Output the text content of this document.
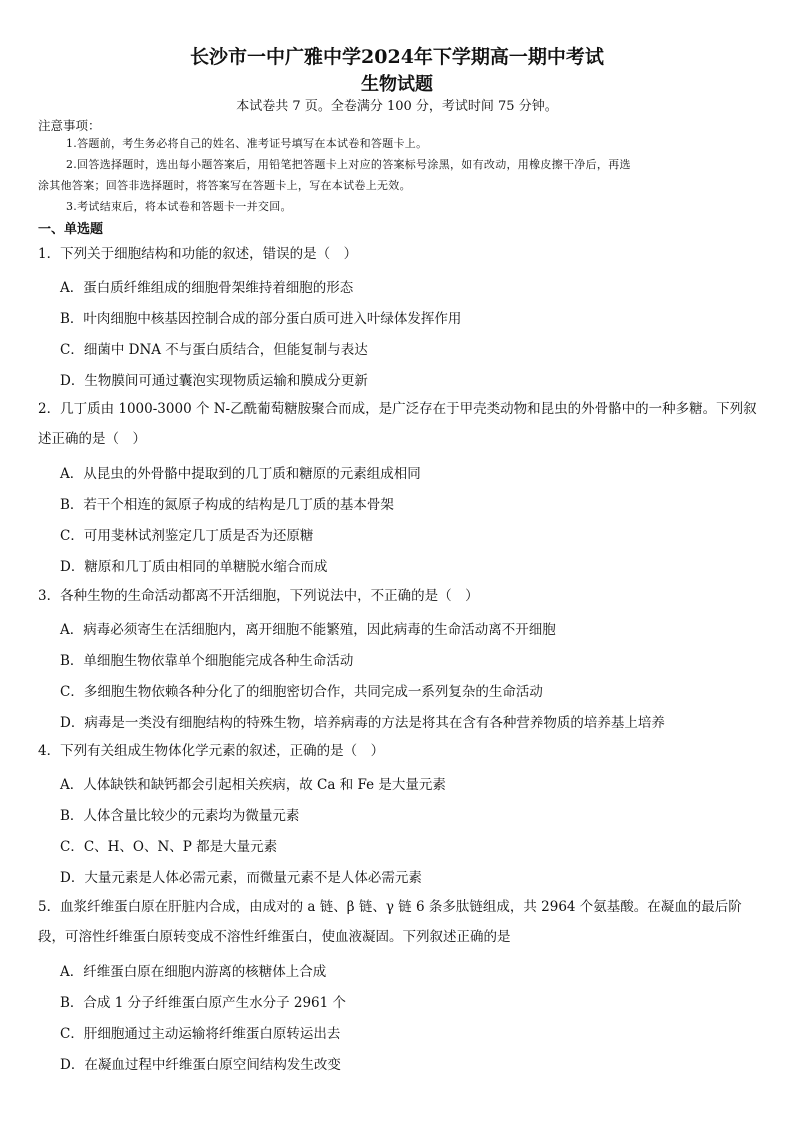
长沙市一中广雅中学2024年下学期高一期中考试
生物试题
本试卷共 7 页。全卷满分 100 分，考试时间 75 分钟。
注意事项：
1.答题前，考生务必将自己的姓名、准考证号填写在本试卷和答题卡上。
2.回答选择题时，选出每小题答案后，用铅笔把答题卡上对应的答案标号涂黑，如有改动，用橡皮擦干净后，再选
涂其他答案；回答非选择题时，将答案写在答题卡上，写在本试卷上无效。
3.考试结束后，将本试卷和答题卡一并交回。
一、单选题
1．下列关于细胞结构和功能的叙述，错误的是（　）
A．蛋白质纤维组成的细胞骨架维持着细胞的形态
B．叶肉细胞中核基因控制合成的部分蛋白质可进入叶绿体发挥作用
C．细菌中 DNA 不与蛋白质结合，但能复制与表达
D．生物膜间可通过囊泡实现物质运输和膜成分更新
2．几丁质由 1000-3000 个 N-乙酰葡萄糖胺聚合而成，是广泛存在于甲壳类动物和昆虫的外骨骼中的一种多糖。下列叙述正确的是（　）
A．从昆虫的外骨骼中提取到的几丁质和糖原的元素组成相同
B．若干个相连的氮原子构成的结构是几丁质的基本骨架
C．可用斐林试剂鉴定几丁质是否为还原糖
D．糖原和几丁质由相同的单糖脱水缩合而成
3．各种生物的生命活动都离不开活细胞，下列说法中，不正确的是（　）
A．病毒必须寄生在活细胞内，离开细胞不能繁殖，因此病毒的生命活动离不开细胞
B．单细胞生物依靠单个细胞能完成各种生命活动
C．多细胞生物依赖各种分化了的细胞密切合作，共同完成一系列复杂的生命活动
D．病毒是一类没有细胞结构的特殊生物，培养病毒的方法是将其在含有各种营养物质的培养基上培养
4．下列有关组成生物体化学元素的叙述，正确的是（　）
A．人体缺铁和缺钙都会引起相关疾病，故 Ca 和 Fe 是大量元素
B．人体含量比较少的元素均为微量元素
C．C、H、O、N、P 都是大量元素
D．大量元素是人体必需元素，而微量元素不是人体必需元素
5．血浆纤维蛋白原在肝脏内合成，由成对的 a 链、β 链、γ 链 6 条多肽链组成，共 2964 个氨基酸。在凝血的最后阶段，可溶性纤维蛋白原转变成不溶性纤维蛋白，使血液凝固。下列叙述正确的是
A．纤维蛋白原在细胞内游离的核糖体上合成
B．合成 1 分子纤维蛋白原产生水分子 2961 个
C．肝细胞通过主动运输将纤维蛋白原转运出去
D．在凝血过程中纤维蛋白原空间结构发生改变
